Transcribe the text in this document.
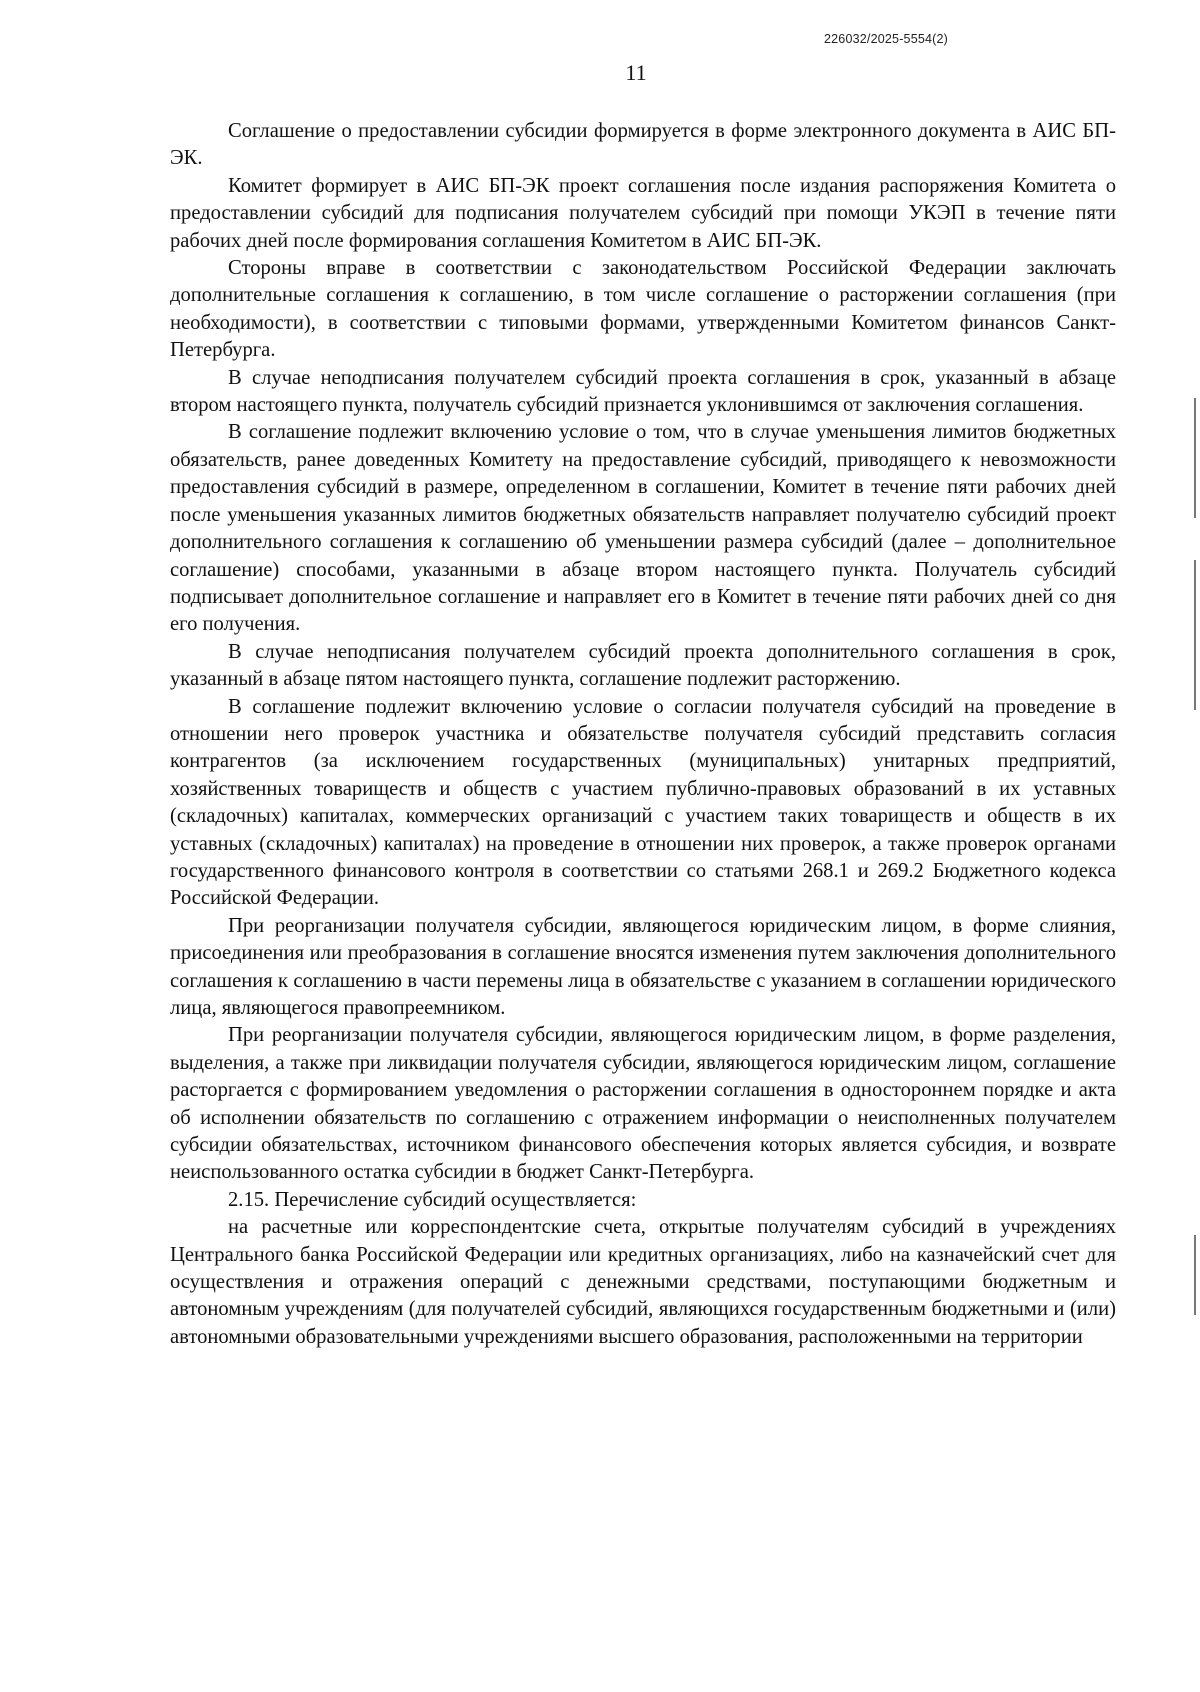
226032/2025-5554(2)
11

Соглашение о предоставлении субсидии формируется в форме электронного документа в АИС БП-ЭК.

Комитет формирует в АИС БП-ЭК проект соглашения после издания распоряжения Комитета о предоставлении субсидий для подписания получателем субсидий при помощи УКЭП в течение пяти рабочих дней после формирования соглашения Комитетом в АИС БП-ЭК.

Стороны вправе в соответствии с законодательством Российской Федерации заключать дополнительные соглашения к соглашению, в том числе соглашение о расторжении соглашения (при необходимости), в соответствии с типовыми формами, утвержденными Комитетом финансов Санкт-Петербурга.

В случае неподписания получателем субсидий проекта соглашения в срок, указанный в абзаце втором настоящего пункта, получатель субсидий признается уклонившимся от заключения соглашения.

В соглашение подлежит включению условие о том, что в случае уменьшения лимитов бюджетных обязательств, ранее доведенных Комитету на предоставление субсидий, приводящего к невозможности предоставления субсидий в размере, определенном в соглашении, Комитет в течение пяти рабочих дней после уменьшения указанных лимитов бюджетных обязательств направляет получателю субсидий проект дополнительного соглашения к соглашению об уменьшении размера субсидий (далее – дополнительное соглашение) способами, указанными в абзаце втором настоящего пункта. Получатель субсидий подписывает дополнительное соглашение и направляет его в Комитет в течение пяти рабочих дней со дня его получения.

В случае неподписания получателем субсидий проекта дополнительного соглашения в срок, указанный в абзаце пятом настоящего пункта, соглашение подлежит расторжению.

В соглашение подлежит включению условие о согласии получателя субсидий на проведение в отношении него проверок участника и обязательстве получателя субсидий представить согласия контрагентов (за исключением государственных (муниципальных) унитарных предприятий, хозяйственных товариществ и обществ с участием публично-правовых образований в их уставных (складочных) капиталах, коммерческих организаций с участием таких товариществ и обществ в их уставных (складочных) капиталах) на проведение в отношении них проверок, а также проверок органами государственного финансового контроля в соответствии со статьями 268.1 и 269.2 Бюджетного кодекса Российской Федерации.

При реорганизации получателя субсидии, являющегося юридическим лицом, в форме слияния, присоединения или преобразования в соглашение вносятся изменения путем заключения дополнительного соглашения к соглашению в части перемены лица в обязательстве с указанием в соглашении юридического лица, являющегося правопреемником.

При реорганизации получателя субсидии, являющегося юридическим лицом, в форме разделения, выделения, а также при ликвидации получателя субсидии, являющегося юридическим лицом, соглашение расторгается с формированием уведомления о расторжении соглашения в одностороннем порядке и акта об исполнении обязательств по соглашению с отражением информации о неисполненных получателем субсидии обязательствах, источником финансового обеспечения которых является субсидия, и возврате неиспользованного остатка субсидии в бюджет Санкт-Петербурга.

2.15. Перечисление субсидий осуществляется:

на расчетные или корреспондентские счета, открытые получателям субсидий в учреждениях Центрального банка Российской Федерации или кредитных организациях, либо на казначейский счет для осуществления и отражения операций с денежными средствами, поступающими бюджетным и автономным учреждениям (для получателей субсидий, являющихся государственным бюджетными и (или) автономными образовательными учреждениями высшего образования, расположенными на территории
